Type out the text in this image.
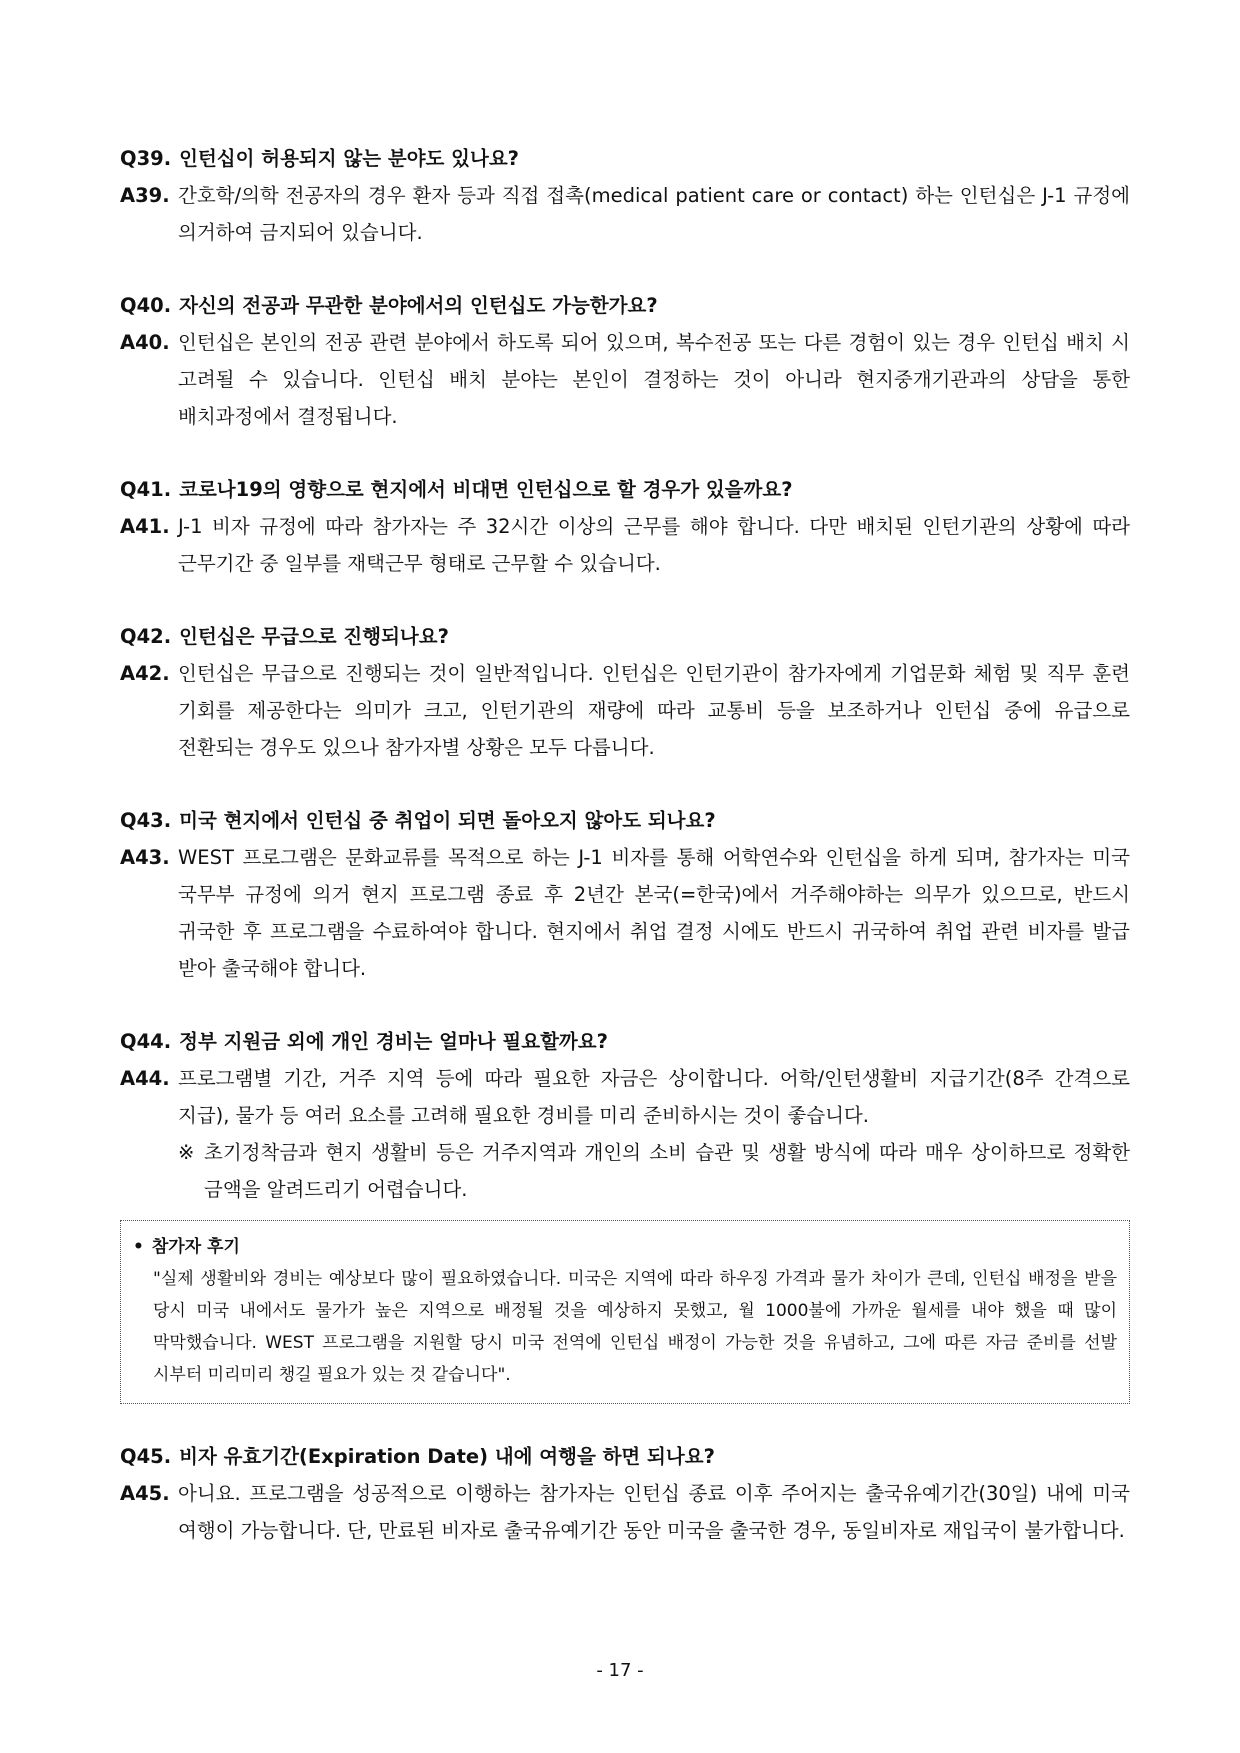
Q39. 인턴십이 허용되지 않는 분야도 있나요?
A39. 간호학/의학 전공자의 경우 환자 등과 직접 접촉(medical patient care or contact) 하는 인턴십은 J-1 규정에 의거하여 금지되어 있습니다.
Q40. 자신의 전공과 무관한 분야에서의 인턴십도 가능한가요?
A40. 인턴십은 본인의 전공 관련 분야에서 하도록 되어 있으며, 복수전공 또는 다른 경험이 있는 경우 인턴십 배치 시 고려될 수 있습니다. 인턴십 배치 분야는 본인이 결정하는 것이 아니라 현지중개기관과의 상담을 통한 배치과정에서 결정됩니다.
Q41. 코로나19의 영향으로 현지에서 비대면 인턴십으로 할 경우가 있을까요?
A41. J-1 비자 규정에 따라 참가자는 주 32시간 이상의 근무를 해야 합니다. 다만 배치된 인턴기관의 상황에 따라 근무기간 중 일부를 재택근무 형태로 근무할 수 있습니다.
Q42. 인턴십은 무급으로 진행되나요?
A42. 인턴십은 무급으로 진행되는 것이 일반적입니다. 인턴십은 인턴기관이 참가자에게 기업문화 체험 및 직무 훈련 기회를 제공한다는 의미가 크고, 인턴기관의 재량에 따라 교통비 등을 보조하거나 인턴십 중에 유급으로 전환되는 경우도 있으나 참가자별 상황은 모두 다릅니다.
Q43. 미국 현지에서 인턴십 중 취업이 되면 돌아오지 않아도 되나요?
A43. WEST 프로그램은 문화교류를 목적으로 하는 J-1 비자를 통해 어학연수와 인턴십을 하게 되며, 참가자는 미국 국무부 규정에 의거 현지 프로그램 종료 후 2년간 본국(=한국)에서 거주해야하는 의무가 있으므로, 반드시 귀국한 후 프로그램을 수료하여야 합니다. 현지에서 취업 결정 시에도 반드시 귀국하여 취업 관련 비자를 발급 받아 출국해야 합니다.
Q44. 정부 지원금 외에 개인 경비는 얼마나 필요할까요?
A44. 프로그램별 기간, 거주 지역 등에 따라 필요한 자금은 상이합니다. 어학/인턴생활비 지급기간(8주 간격으로 지급), 물가 등 여러 요소를 고려해 필요한 경비를 미리 준비하시는 것이 좋습니다.
※ 초기정착금과 현지 생활비 등은 거주지역과 개인의 소비 습관 및 생활 방식에 따라 매우 상이하므로 정확한 금액을 알려드리기 어렵습니다.
• 참가자 후기
"실제 생활비와 경비는 예상보다 많이 필요하였습니다. 미국은 지역에 따라 하우징 가격과 물가 차이가 큰데, 인턴십 배정을 받을 당시 미국 내에서도 물가가 높은 지역으로 배정될 것을 예상하지 못했고, 월 1000불에 가까운 월세를 내야 했을 때 많이 막막했습니다. WEST 프로그램을 지원할 당시 미국 전역에 인턴십 배정이 가능한 것을 유념하고, 그에 따른 자금 준비를 선발 시부터 미리미리 챙길 필요가 있는 것 같습니다".
Q45. 비자 유효기간(Expiration Date) 내에 여행을 하면 되나요?
A45. 아니요. 프로그램을 성공적으로 이행하는 참가자는 인턴십 종료 이후 주어지는 출국유예기간(30일) 내에 미국 여행이 가능합니다. 단, 만료된 비자로 출국유예기간 동안 미국을 출국한 경우, 동일비자로 재입국이 불가합니다.
- 17 -
